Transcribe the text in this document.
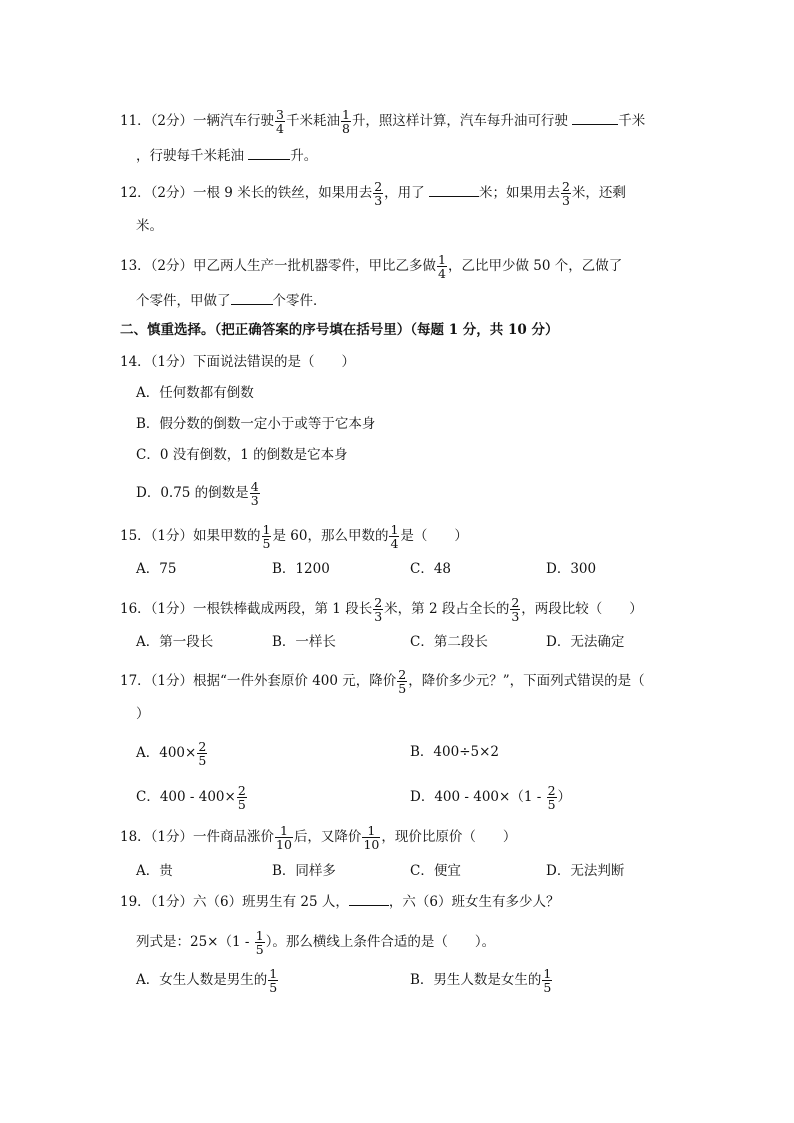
11．（2分）一辆汽车行驶 $\frac{3}{4}$ 千米耗油 $\frac{1}{8}$ 升，照这样计算，汽车每升油可行驶	千米
，行驶每千米耗油	升。
12．（2分）一根 9 米长的铁丝，如果用去 $\frac{2}{3}$ ，用了	米；如果用去 $\frac{2}{3}$ 米，还剩
米。
13．（2分）甲乙两人生产一批机器零件，甲比乙多做 $\frac{1}{4}$ ，乙比甲少做 50 个，乙做了
个零件，甲做了	个零件．
二、慎重选择。（把正确答案的序号填在括号里）（每题 1 分，共 10 分）
14．（1分）下面说法错误的是（　　）
A．任何数都有倒数
B．假分数的倒数一定小于或等于它本身
C．0 没有倒数，1 的倒数是它本身
D．0.75 的倒数是 $\frac{4}{3}$
15．（1分）如果甲数的 $\frac{1}{5}$ 是 60，那么甲数的 $\frac{1}{4}$ 是（　　）
A．75	B．1200	C．48	D．300
16．（1分）一根铁棒截成两段，第 1 段长 $\frac{2}{3}$ 米，第 2 段占全长的 $\frac{2}{3}$ ，两段比较（　　）
A．第一段长	B．一样长	C．第二段长	D．无法确定
17．（1分）根据“一件外套原价 400 元，降价 $\frac{2}{5}$ ，降价多少元？”，下面列式错误的是（
）
A．$400\times \frac{2}{5}$	B．400÷5×2
C．$400 - 400\times \frac{2}{5}$	D．$400 - 400\times(1 - \frac{2}{5}$ ）
18．（1分）一件商品涨价 $\frac{1}{10}$ 后，又降价 $\frac{1}{10}$ ，现价比原价（　　）
A．贵	B．同样多	C．便宜	D．无法判断
19．（1分）六（6）班男生有 25 人，	，六（6）班女生有多少人？
列式是：$25\times(1 - \frac{1}{5}$ ）。那么横线上条件合适的是（　　）。
A．女生人数是男生的 $\frac{1}{5}$	B．男生人数是女生的 $\frac{1}{5}$
